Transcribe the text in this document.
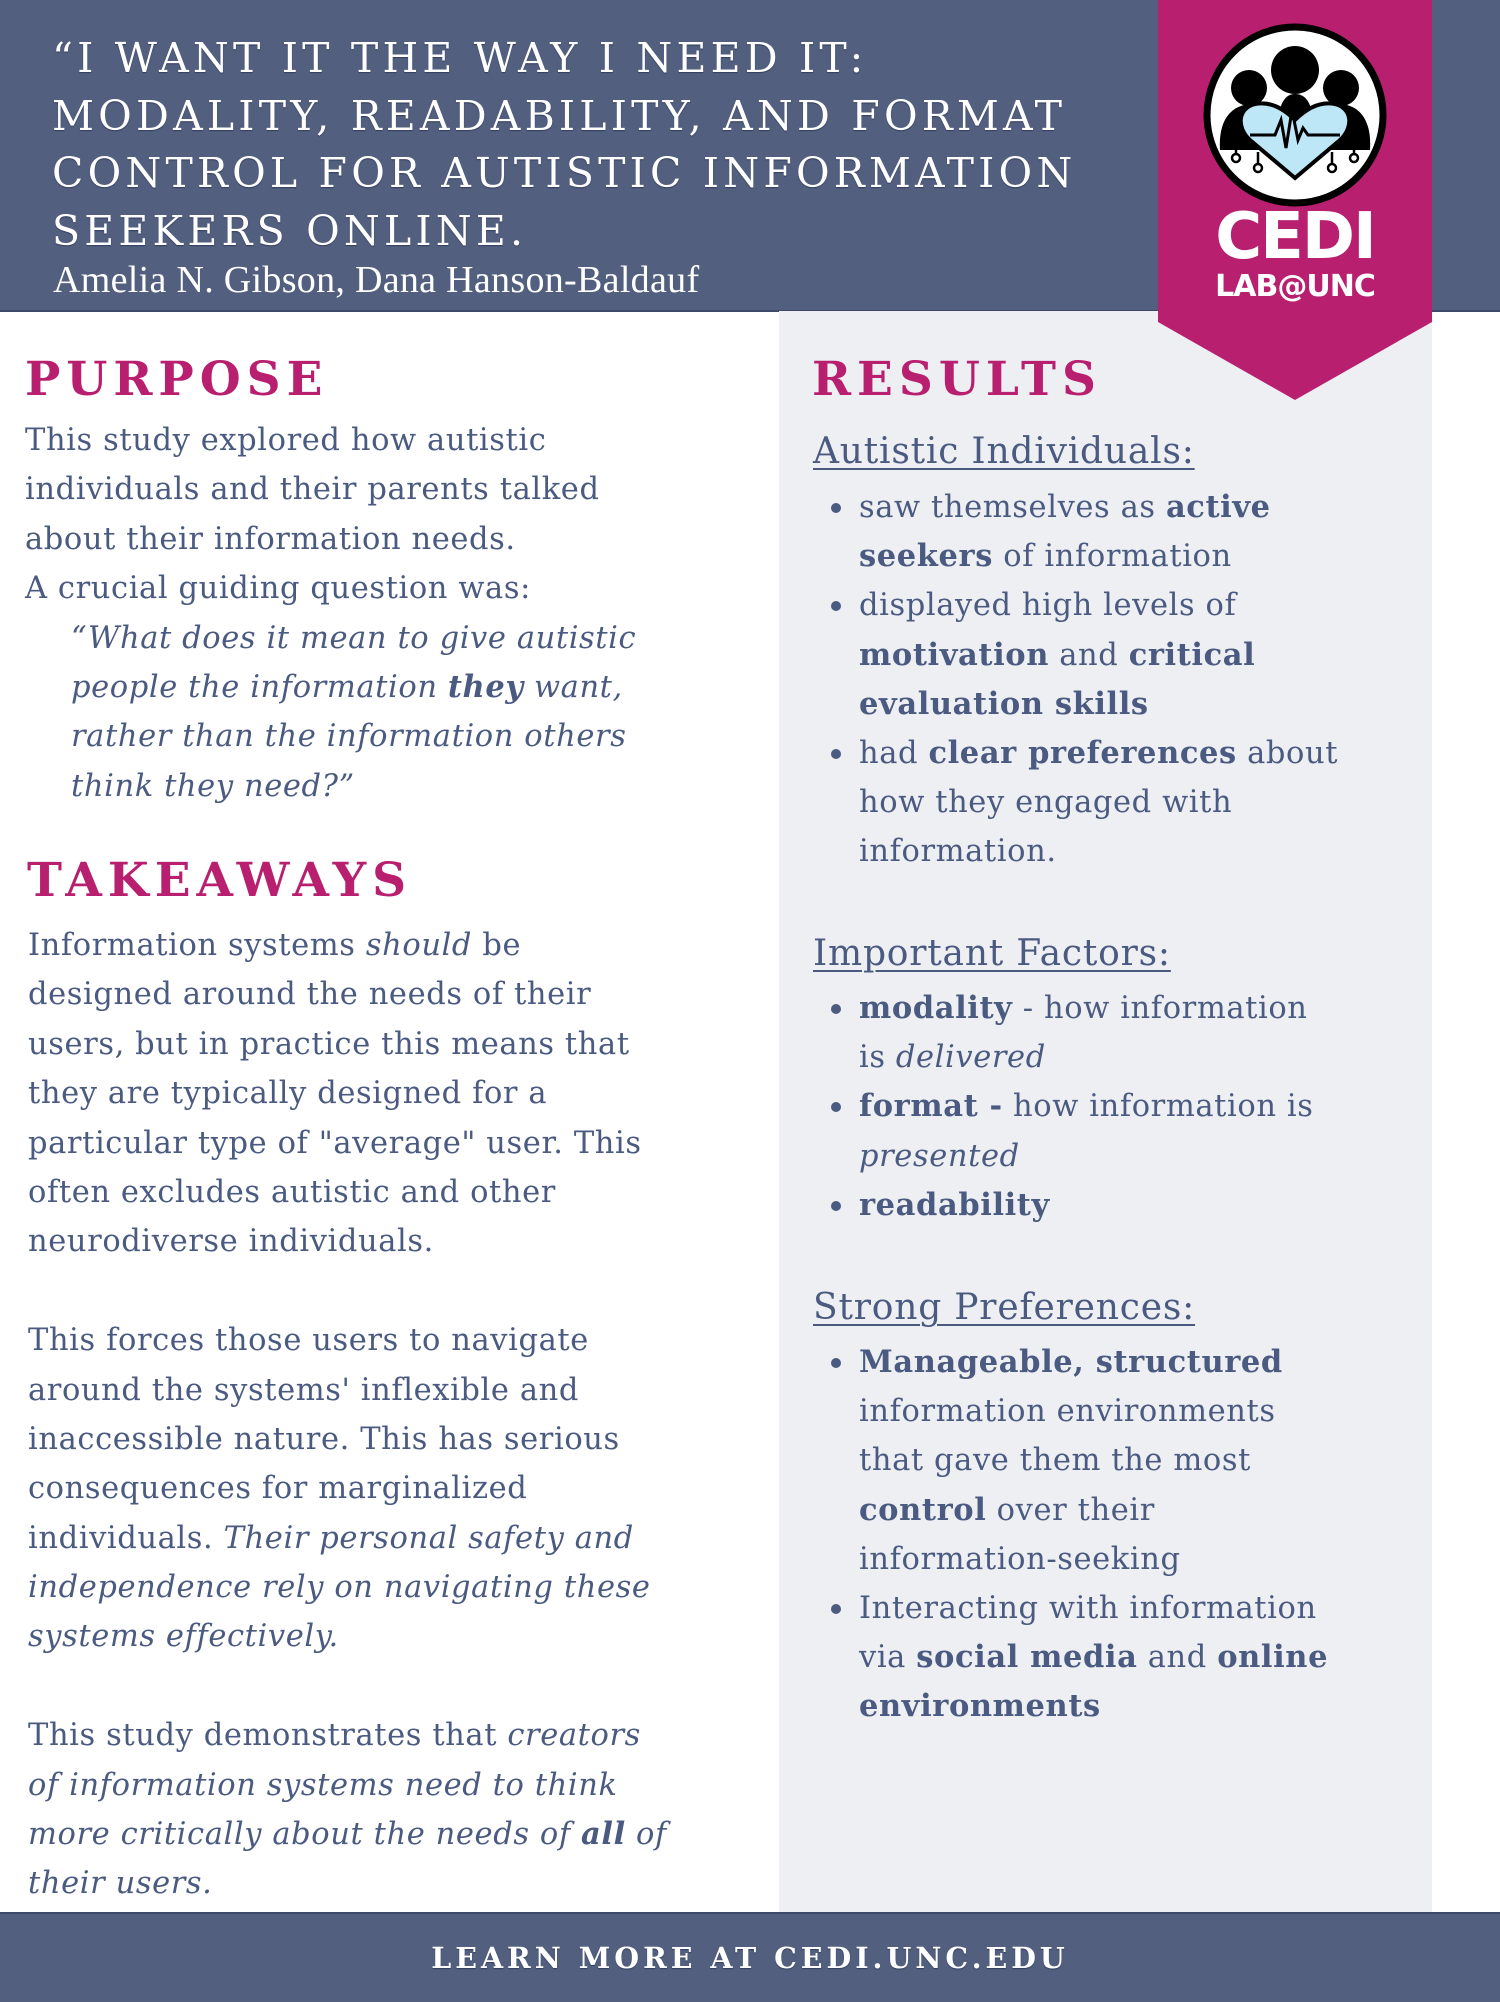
“I WANT IT THE WAY I NEED IT:
MODALITY, READABILITY, AND FORMAT
CONTROL FOR AUTISTIC INFORMATION
SEEKERS ONLINE.
Amelia N. Gibson, Dana Hanson-Baldauf
CEDI
LAB@UNC
PURPOSE
This study explored how autistic
individuals and their parents talked
about their information needs.
A crucial guiding question was:
“What does it mean to give autistic
people the information they want,
rather than the information others
think they need?”
TAKEAWAYS
Information systems should be
designed around the needs of their
users, but in practice this means that
they are typically designed for a
particular type of "average" user. This
often excludes autistic and other
neurodiverse individuals.
This forces those users to navigate
around the systems' inflexible and
inaccessible nature. This has serious
consequences for marginalized
individuals. Their personal safety and
independence rely on navigating these
systems effectively.
This study demonstrates that creators
of information systems need to think
more critically about the needs of all of
their users.
RESULTS
Autistic Individuals:
saw themselves as active
seekers of information
displayed high levels of
motivation and critical
evaluation skills
had clear preferences about
how they engaged with
information.
Important Factors:
modality - how information
is delivered
format - how information is
presented
readability
Strong Preferences:
Manageable, structured
information environments
that gave them the most
control over their
information-seeking
Interacting with information
via social media and online
environments
LEARN MORE AT CEDI.UNC.EDU
